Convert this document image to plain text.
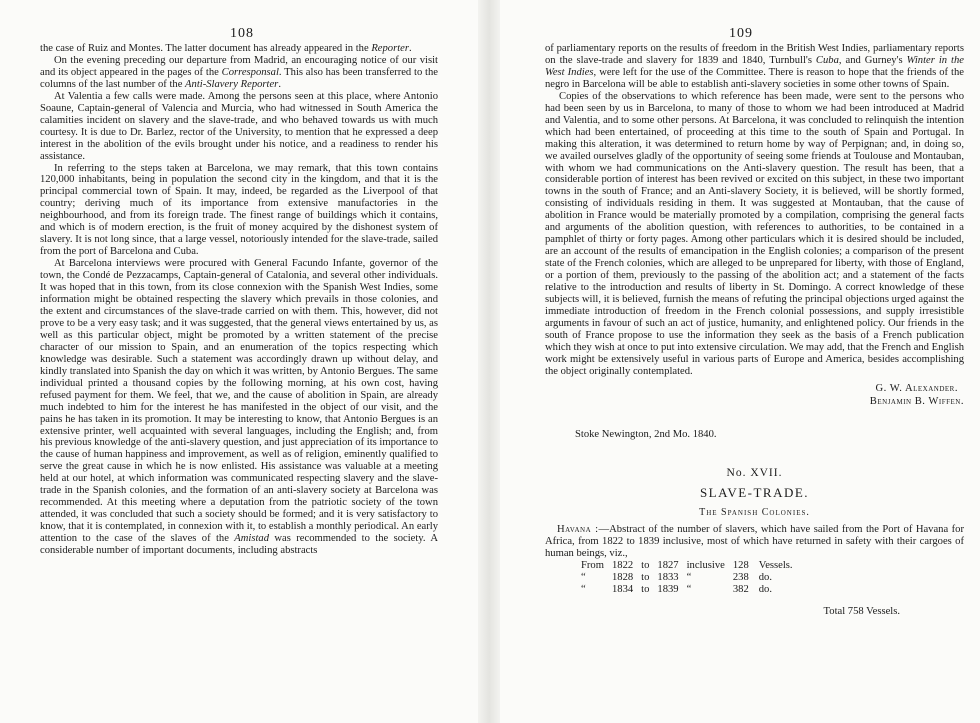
108

the case of Ruiz and Montes. The latter document has already appeared in the Reporter.

On the evening preceding our departure from Madrid, an encouraging notice of our visit and its object appeared in the pages of the Corresponsal. This also has been transferred to the columns of the last number of the Anti-Slavery Reporter.

At Valentia a few calls were made. Among the persons seen at this place, where Antonio Soaune, Captain-general of Valencia and Murcia, who had witnessed in South America the calamities incident on slavery and the slave-trade, and who behaved towards us with much courtesy. It is due to Dr. Barlez, rector of the University, to mention that he expressed a deep interest in the abolition of the evils brought under his notice, and a readiness to render his assistance.

In referring to the steps taken at Barcelona, we may remark, that this town contains 120,000 inhabitants, being in population the second city in the kingdom, and that it is the principal commercial town of Spain. It may, indeed, be regarded as the Liverpool of that country; deriving much of its importance from extensive manufactories in the neighbourhood, and from its foreign trade. The finest range of buildings which it contains, and which is of modern erection, is the fruit of money acquired by the dishonest system of slavery. It is not long since, that a large vessel, notoriously intended for the slave-trade, sailed from the port of Barcelona and Cuba.

At Barcelona interviews were procured with General Facundo Infante, governor of the town, the Condé de Pezzacamps, Captain-general of Catalonia, and several other individuals. It was hoped that in this town, from its close connexion with the Spanish West Indies, some information might be obtained respecting the slavery which prevails in those colonies, and the extent and circumstances of the slave-trade carried on with them. This, however, did not prove to be a very easy task; and it was suggested, that the general views entertained by us, as well as this particular object, might be promoted by a written statement of the precise character of our mission to Spain, and an enumeration of the topics respecting which knowledge was desirable. Such a statement was accordingly drawn up without delay, and kindly translated into Spanish the day on which it was written, by Antonio Bergues. The same individual printed a thousand copies by the following morning, at his own cost, having refused payment for them. We feel, that we, and the cause of abolition in Spain, are already much indebted to him for the interest he has manifested in the object of our visit, and the pains he has taken in its promotion. It may be interesting to know, that Antonio Bergues is an extensive printer, well acquainted with several languages, including the English; and, from his previous knowledge of the anti-slavery question, and just appreciation of its importance to the cause of human happiness and improvement, as well as of religion, eminently qualified to serve the great cause in which he is now enlisted. His assistance was valuable at a meeting held at our hotel, at which information was communicated respecting slavery and the slave-trade in the Spanish colonies, and the formation of an anti-slavery society at Barcelona was recommended. At this meeting where a deputation from the patriotic society of the town attended, it was concluded that such a society should be formed; and it is very satisfactory to know, that it is contemplated, in connexion with it, to establish a monthly periodical. An early attention to the case of the slaves of the Amistad was recommended to the society. A considerable number of important documents, including abstracts

109

of parliamentary reports on the results of freedom in the British West Indies, parliamentary reports on the slave-trade and slavery for 1839 and 1840, Turnbull's Cuba, and Gurney's Winter in the West Indies, were left for the use of the Committee. There is reason to hope that the friends of the negro in Barcelona will be able to establish anti-slavery societies in some other towns of Spain.

Copies of the observations to which reference has been made, were sent to the persons who had been seen by us in Barcelona, to many of those to whom we had been introduced at Madrid and Valentia, and to some other persons. At Barcelona, it was concluded to relinquish the intention which had been entertained, of proceeding at this time to the south of Spain and Portugal. In making this alteration, it was determined to return home by way of Perpignan; and, in doing so, we availed ourselves gladly of the opportunity of seeing some friends at Toulouse and Montauban, with whom we had communications on the Anti-slavery question. The result has been, that a considerable portion of interest has been revived or excited on this subject, in these two important towns in the south of France; and an Anti-slavery Society, it is believed, will be shortly formed, consisting of individuals residing in them. It was suggested at Montauban, that the cause of abolition in France would be materially promoted by a compilation, comprising the general facts and arguments of the abolition question, with references to authorities, to be contained in a pamphlet of thirty or forty pages. Among other particulars which it is desired should be included, are an account of the results of emancipation in the English colonies; a comparison of the present state of the French colonies, which are alleged to be unprepared for liberty, with those of England, or a portion of them, previously to the passing of the abolition act; and a statement of the facts relative to the introduction and results of liberty in St. Domingo. A correct knowledge of these subjects will, it is believed, furnish the means of refuting the principal objections urged against the immediate introduction of freedom in the French colonial possessions, and supply irresistible arguments in favour of such an act of justice, humanity, and enlightened policy. Our friends in the south of France propose to use the information they seek as the basis of a French publication which they wish at once to put into extensive circulation. We may add, that the French and English work might be extensively useful in various parts of Europe and America, besides accomplishing the object originally contemplated.

G. W. Alexander.
Benjamin B. Wiffen.
Stoke Newington, 2nd Mo. 1840.
No. XVII.
SLAVE-TRADE.
The Spanish Colonies.
Havana :—Abstract of the number of slavers, which have sailed from the Port of Havana for Africa, from 1822 to 1839 inclusive, most of which have returned in safety with their cargoes of human beings, viz.,
From	1822	to	1827	inclusive	128	Vessels.
“	1828	to	1833	“	238	do.
“	1834	to	1839	“	382	do.
Total 758 Vessels.
